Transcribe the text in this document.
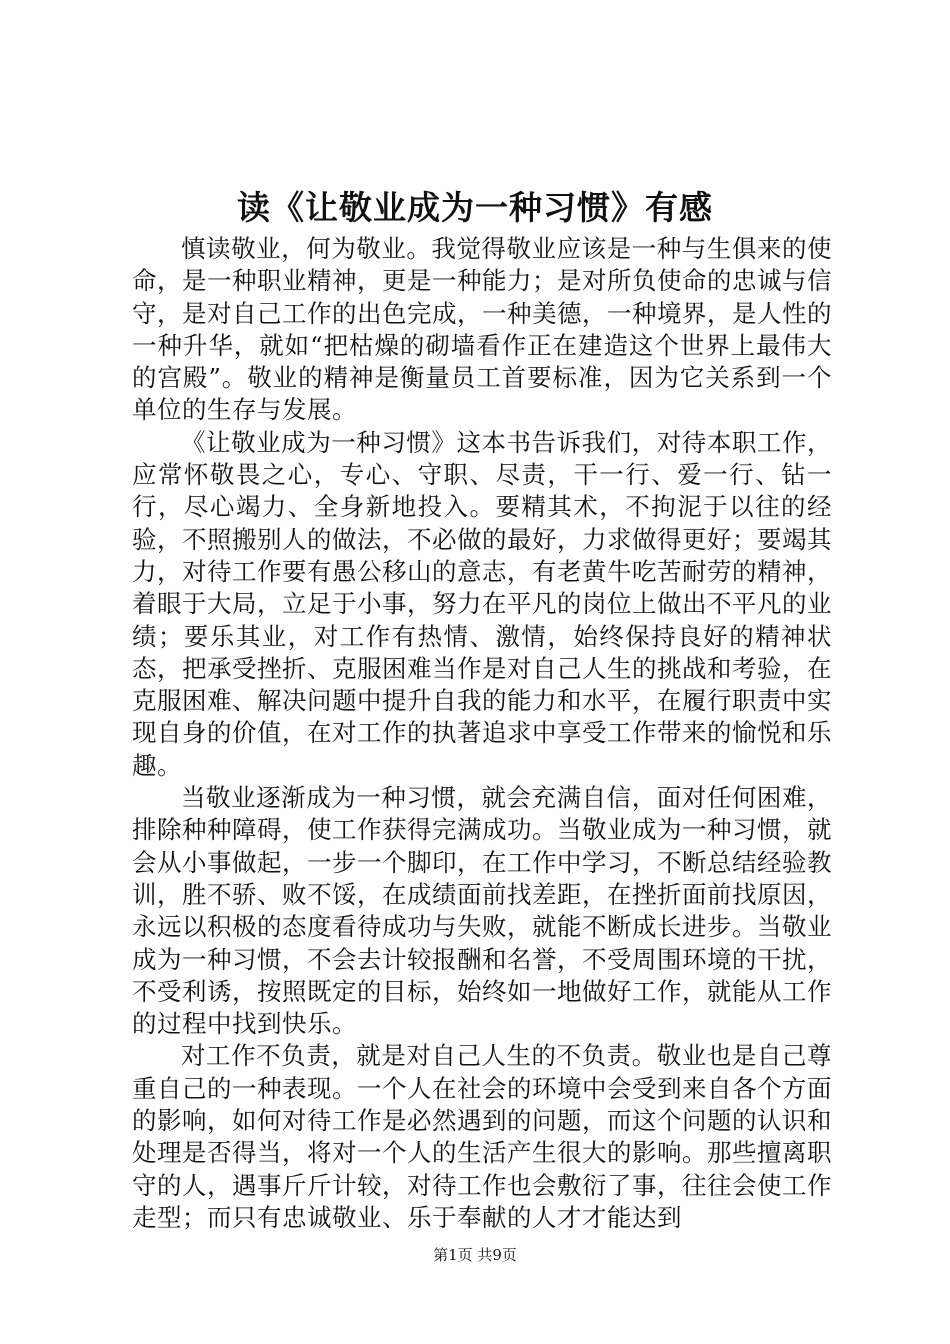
读《让敬业成为一种习惯》有感

慎读敬业，何为敬业。我觉得敬业应该是一种与生俱来的使命，是一种职业精神，更是一种能力；是对所负使命的忠诚与信守，是对自己工作的出色完成，一种美德，一种境界，是人性的一种升华，就如“把枯燥的砌墙看作正在建造这个世界上最伟大的宫殿”。敬业的精神是衡量员工首要标准，因为它关系到一个单位的生存与发展。

《让敬业成为一种习惯》这本书告诉我们，对待本职工作，应常怀敬畏之心，专心、守职、尽责，干一行、爱一行、钻一行，尽心竭力、全身新地投入。要精其术，不拘泥于以往的经验，不照搬别人的做法，不必做的最好，力求做得更好；要竭其力，对待工作要有愚公移山的意志，有老黄牛吃苦耐劳的精神，着眼于大局，立足于小事，努力在平凡的岗位上做出不平凡的业绩；要乐其业，对工作有热情、激情，始终保持良好的精神状态，把承受挫折、克服困难当作是对自己人生的挑战和考验，在克服困难、解决问题中提升自我的能力和水平，在履行职责中实现自身的价值，在对工作的执著追求中享受工作带来的愉悦和乐趣。

当敬业逐渐成为一种习惯，就会充满自信，面对任何困难，排除种种障碍，使工作获得完满成功。当敬业成为一种习惯，就会从小事做起，一步一个脚印，在工作中学习，不断总结经验教训，胜不骄、败不馁，在成绩面前找差距，在挫折面前找原因，永远以积极的态度看待成功与失败，就能不断成长进步。当敬业成为一种习惯，不会去计较报酬和名誉，不受周围环境的干扰，不受利诱，按照既定的目标，始终如一地做好工作，就能从工作的过程中找到快乐。

对工作不负责，就是对自己人生的不负责。敬业也是自己尊重自己的一种表现。一个人在社会的环境中会受到来自各个方面的影响，如何对待工作是必然遇到的问题，而这个问题的认识和处理是否得当，将对一个人的生活产生很大的影响。那些擅离职守的人，遇事斤斤计较，对待工作也会敷衍了事，往往会使工作走型；而只有忠诚敬业、乐于奉献的人才才能达到

第1页 共9页
